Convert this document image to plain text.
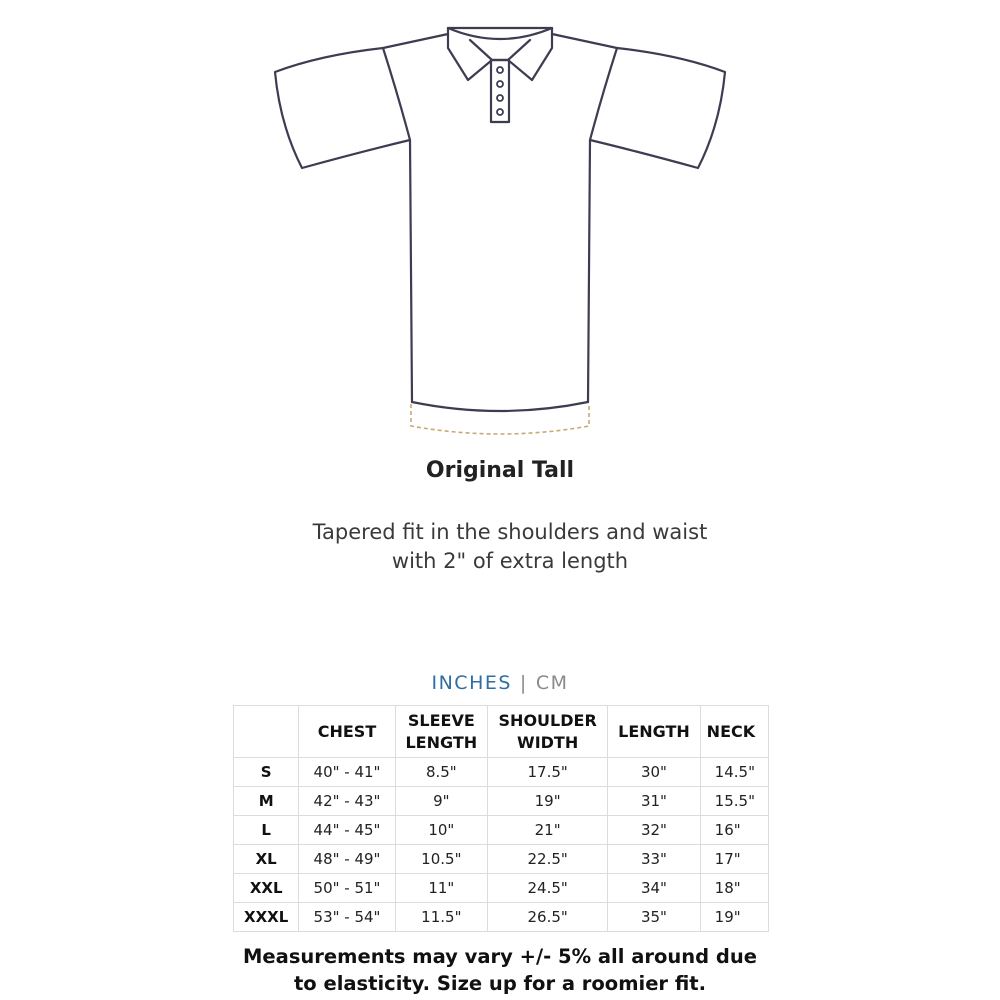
Original Tall
Tapered fit in the shoulders and waist with 2" of extra length
INCHES | CM
	CHEST	SLEEVE LENGTH	SHOULDER WIDTH	LENGTH	NECK
S	40" - 41"	8.5"	17.5"	30"	14.5"
M	42" - 43"	9"	19"	31"	15.5"
L	44" - 45"	10"	21"	32"	16"
XL	48" - 49"	10.5"	22.5"	33"	17"
XXL	50" - 51"	11"	24.5"	34"	18"
XXXL	53" - 54"	11.5"	26.5"	35"	19"
Measurements may vary +/- 5% all around due to elasticity. Size up for a roomier fit.
